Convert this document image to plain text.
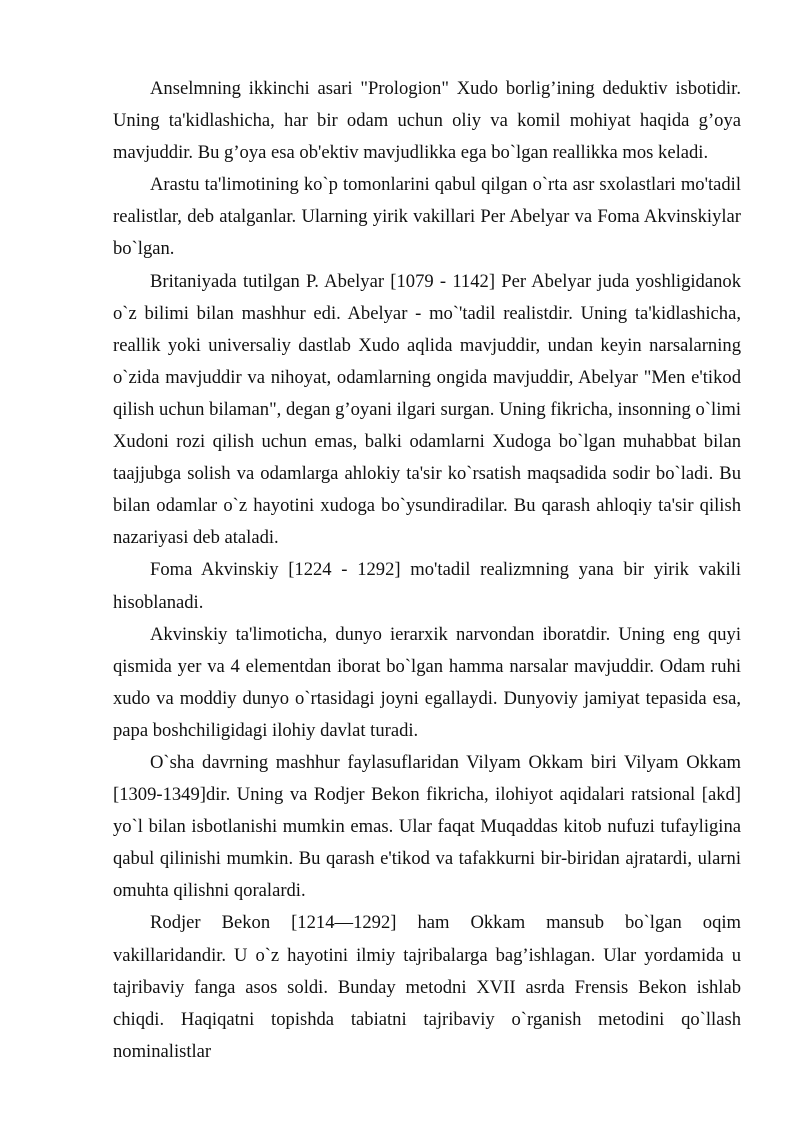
Anselmning ikkinchi asari "Prologion" Xudo borlig’ining deduktiv isbotidir. Uning ta'kidlashicha, har bir odam uchun oliy va komil mohiyat haqida g’oya mavjuddir. Bu g’oya esa ob'ektiv mavjudlikka ega bo`lgan reallikka mos keladi.

Arastu ta'limotining ko`p tomonlarini qabul qilgan o`rta asr sxolastlari mo'tadil realistlar, deb atalganlar. Ularning yirik vakillari Per Abelyar va Foma Akvinskiylar bo`lgan.

Britaniyada tutilgan P. Abelyar [1079 - 1142] Per Abelyar juda yoshligidanok o`z bilimi bilan mashhur edi. Abelyar - mo`'tadil realistdir. Uning ta'kidlashicha, reallik yoki universaliy dastlab Xudo aqlida mavjuddir, undan keyin narsalarning o`zida mavjuddir va nihoyat, odamlarning ongida mavjuddir, Abelyar "Men e'tikod qilish uchun bilaman", degan g’oyani ilgari surgan. Uning fikricha, insonning o`limi Xudoni rozi qilish uchun emas, balki odamlarni Xudoga bo`lgan muhabbat bilan taajjubga solish va odamlarga ahlokiy ta'sir ko`rsatish maqsadida sodir bo`ladi. Bu bilan odamlar o`z hayotini xudoga bo`ysundiradilar. Bu qarash ahloqiy ta'sir qilish nazariyasi deb ataladi.

Foma Akvinskiy [1224 - 1292] mo'tadil realizmning yana bir yirik vakili hisoblanadi.

Akvinskiy ta'limoticha, dunyo ierarxik narvondan iboratdir. Uning eng quyi qismida yer va 4 elementdan iborat bo`lgan hamma narsalar mavjuddir. Odam ruhi xudo va moddiy dunyo o`rtasidagi joyni egallaydi. Dunyoviy jamiyat tepasida esa, papa boshchiligidagi ilohiy davlat turadi.

O`sha davrning mashhur faylasuflaridan Vilyam Okkam biri Vilyam Okkam [1309-1349]dir. Uning va Rodjer Bekon fikricha, ilohiyot aqidalari ratsional [akd] yo`l bilan isbotlanishi mumkin emas. Ular faqat Muqaddas kitob nufuzi tufayligina qabul qilinishi mumkin. Bu qarash e'tikod va tafakkurni bir-biridan ajratardi, ularni omuhta qilishni qoralardi.

Rodjer Bekon [1214—1292] ham Okkam mansub bo`lgan oqim vakillaridandir. U o`z hayotini ilmiy tajribalarga bag’ishlagan. Ular yordamida u tajribaviy fanga asos soldi. Bunday metodni XVII asrda Frensis Bekon ishlab chiqdi. Haqiqatni topishda tabiatni tajribaviy o`rganish metodini qo`llash nominalistlar
